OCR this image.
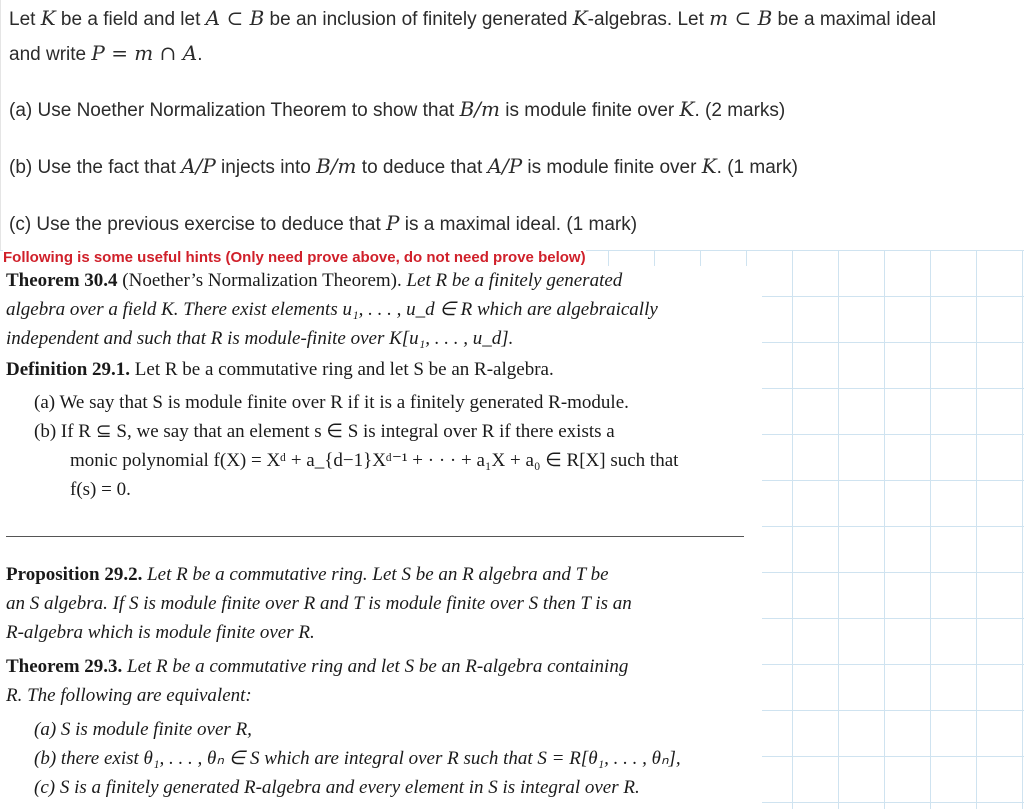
Let K be a field and let A ⊂ B be an inclusion of finitely generated K-algebras. Let m ⊂ B be a maximal ideal
and write P = m ∩ A.
(a) Use Noether Normalization Theorem to show that B/m is module finite over K. (2 marks)
(b) Use the fact that A/P injects into B/m to deduce that A/P is module finite over K. (1 mark)
(c) Use the previous exercise to deduce that P is a maximal ideal. (1 mark)
Following is some useful hints (Only need prove above, do not need prove below)
Theorem 30.4 (Noether’s Normalization Theorem). Let R be a finitely generated
algebra over a field K. There exist elements u₁, . . . , u_d ∈ R which are algebraically
independent and such that R is module-finite over K[u₁, . . . , u_d].
Definition 29.1. Let R be a commutative ring and let S be an R-algebra.
(a) We say that S is module finite over R if it is a finitely generated R-module.
(b) If R ⊆ S, we say that an element s ∈ S is integral over R if there exists a
monic polynomial f(X) = Xᵈ + a_{d−1}Xᵈ⁻¹ + · · · + a₁X + a₀ ∈ R[X] such that
f(s) = 0.
Proposition 29.2. Let R be a commutative ring. Let S be an R algebra and T be
an S algebra. If S is module finite over R and T is module finite over S then T is an
R-algebra which is module finite over R.
Theorem 29.3. Let R be a commutative ring and let S be an R-algebra containing
R. The following are equivalent:
(a) S is module finite over R,
(b) there exist θ₁, . . . , θₙ ∈ S which are integral over R such that S = R[θ₁, . . . , θₙ],
(c) S is a finitely generated R-algebra and every element in S is integral over R.
